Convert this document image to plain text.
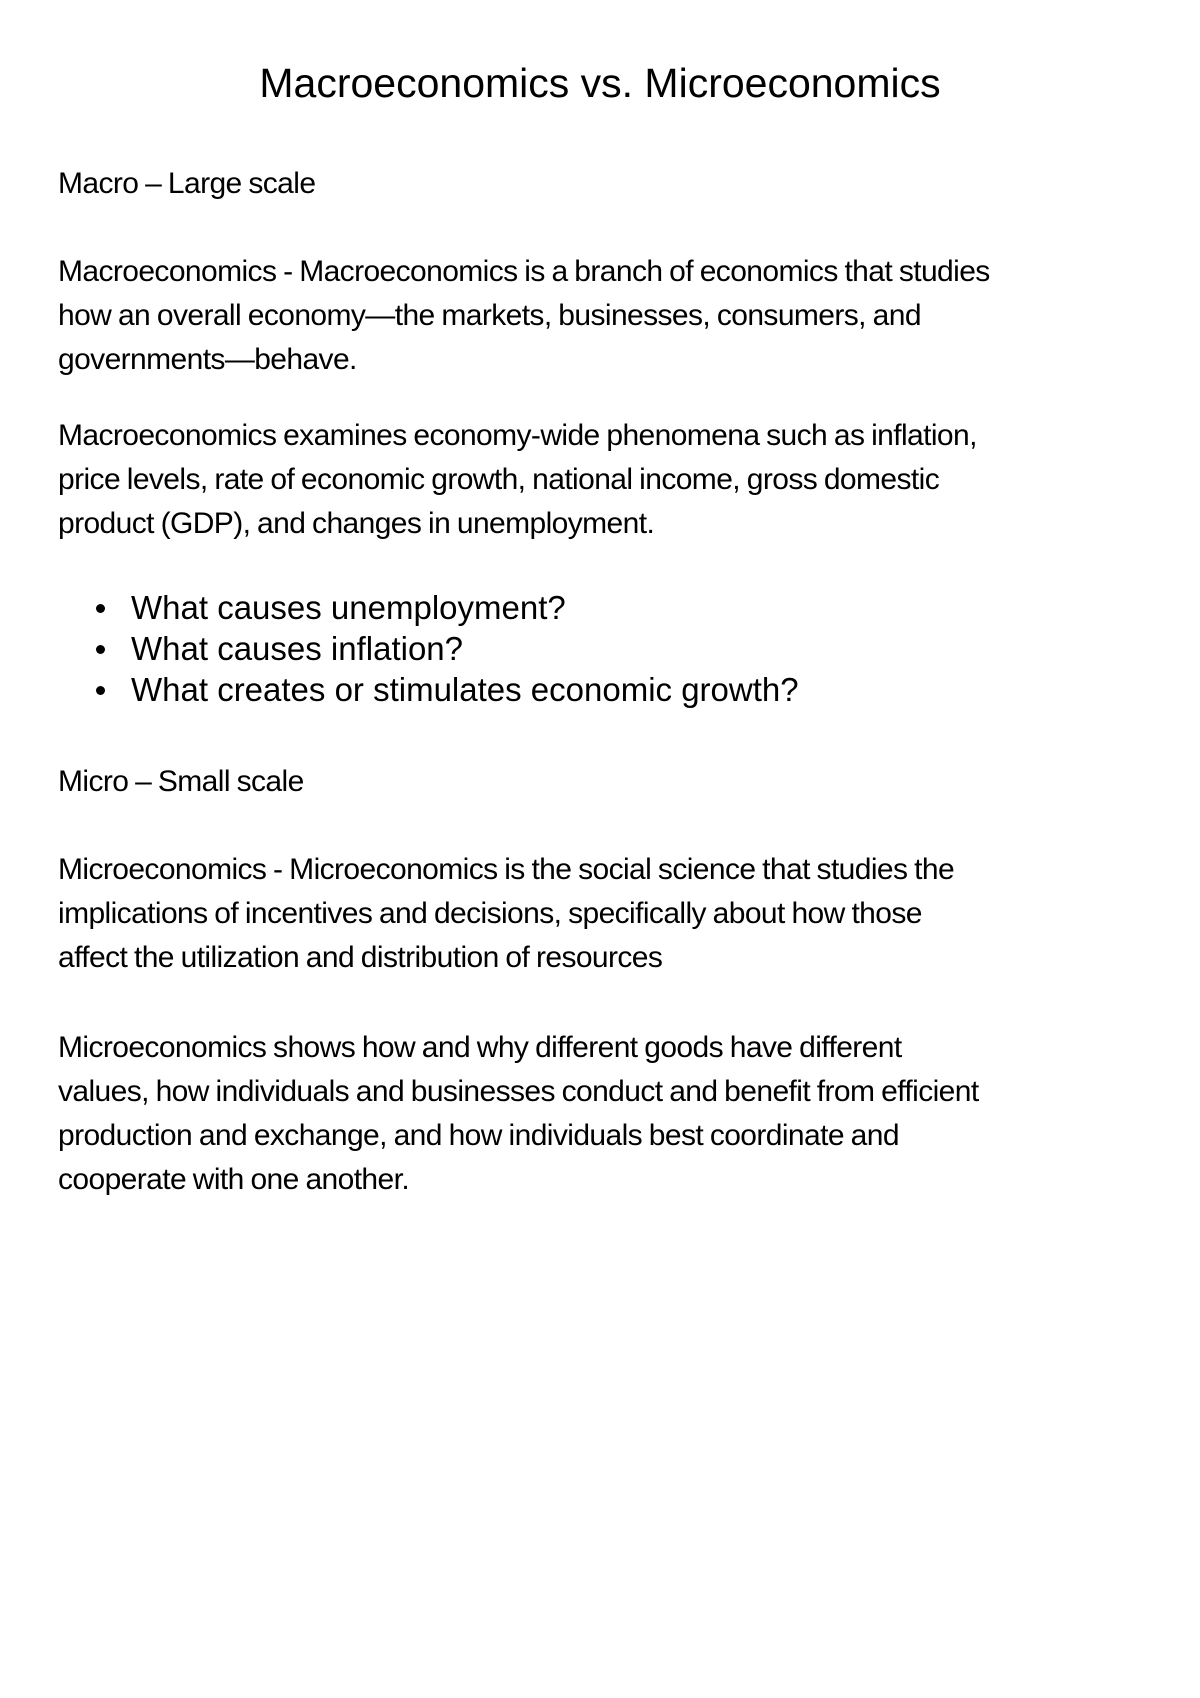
Macroeconomics vs. Microeconomics

Macro – Large scale

Macroeconomics - Macroeconomics is a branch of economics that studies
how an overall economy—the markets, businesses, consumers, and
governments—behave.

Macroeconomics examines economy-wide phenomena such as inflation,
price levels, rate of economic growth, national income, gross domestic
product (GDP), and changes in unemployment.

What causes unemployment?
What causes inflation?
What creates or stimulates economic growth?

Micro – Small scale

Microeconomics - Microeconomics is the social science that studies the
implications of incentives and decisions, specifically about how those
affect the utilization and distribution of resources

Microeconomics shows how and why different goods have different
values, how individuals and businesses conduct and benefit from efficient
production and exchange, and how individuals best coordinate and
cooperate with one another.
